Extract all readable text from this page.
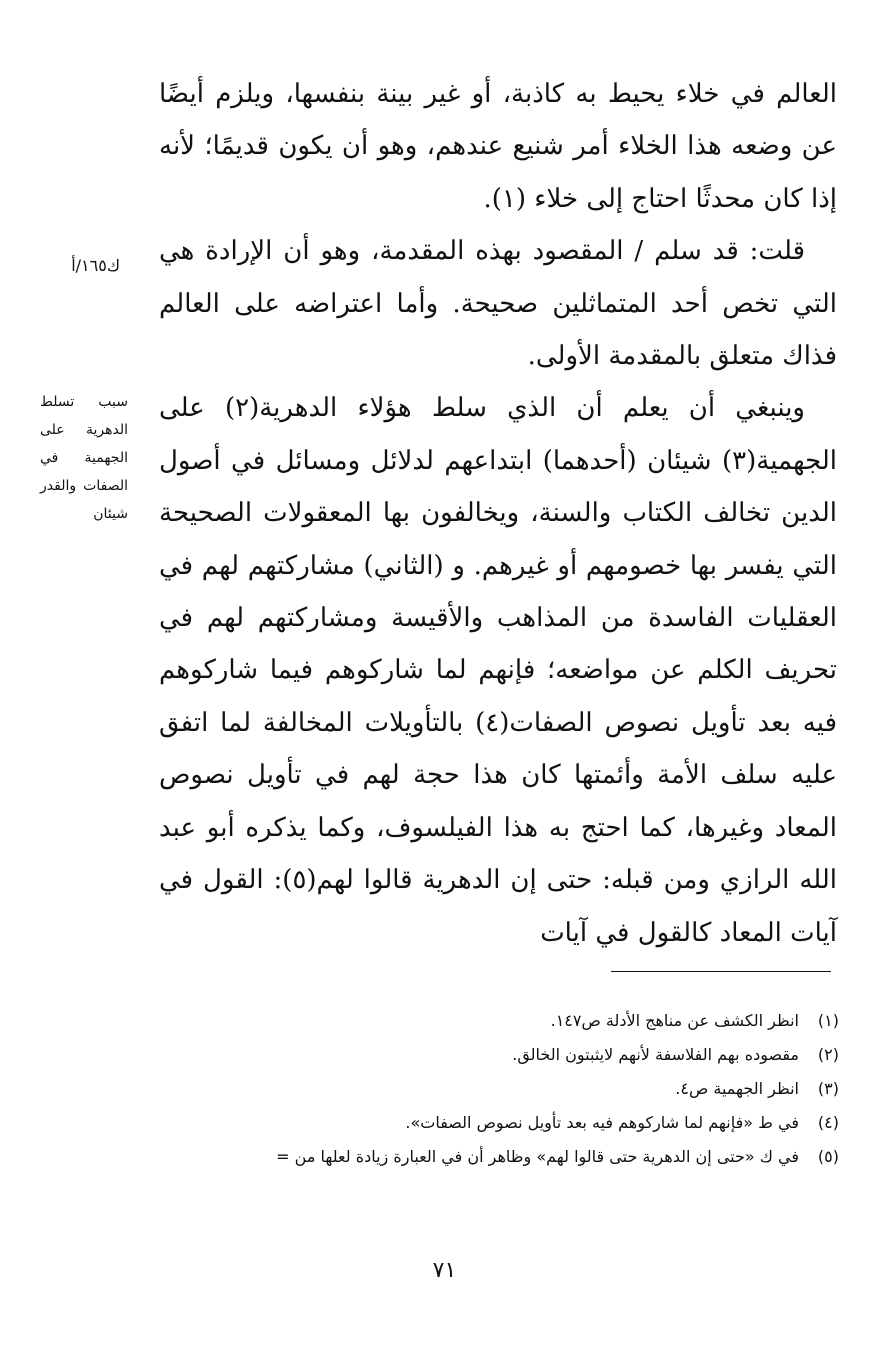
العالم في خلاء يحيط به كاذبة، أو غير بينة بنفسها، ويلزم أيضًا عن وضعه هذا الخلاء أمر شنيع عندهم، وهو أن يكون قديمًا؛ لأنه إذا كان محدثًا احتاج إلى خلاء (١).

قلت: قد سلم / المقصود بهذه المقدمة، وهو أن الإرادة هي التي تخص أحد المتماثلين صحيحة. وأما اعتراضه على العالم فذاك متعلق بالمقدمة الأولى.

وينبغي أن يعلم أن الذي سلط هؤلاء الدهرية(٢) على الجهمية(٣) شيئان (أحدهما) ابتداعهم لدلائل ومسائل في أصول الدين تخالف الكتاب والسنة، ويخالفون بها المعقولات الصحيحة التي يفسر بها خصومهم أو غيرهم. و (الثاني) مشاركتهم لهم في العقليات الفاسدة من المذاهب والأقيسة ومشاركتهم لهم في تحريف الكلم عن مواضعه؛ فإنهم لما شاركوهم فيما شاركوهم فيه بعد تأويل نصوص الصفات(٤) بالتأويلات المخالفة لما اتفق عليه سلف الأمة وأئمتها كان هذا حجة لهم في تأويل نصوص المعاد وغيرها، كما احتج به هذا الفيلسوف، وكما يذكره أبو عبد الله الرازي ومن قبله: حتى إن الدهرية قالوا لهم(٥): القول في آيات المعاد كالقول في آيات

ك١٦٥/أ
سبب تسلط الدهرية على الجهمية في الصفات والقدر شيئان
(١)
انظر الكشف عن مناهج الأدلة ص١٤٧.
(٢)
مقصوده بهم الفلاسفة لأنهم لايثبتون الخالق.
(٣)
انظر الجهمية ص٤.
(٤)
في ط «فإنهم لما شاركوهم فيه بعد تأويل نصوص الصفات».
(٥)
في ك «حتى إن الدهرية حتى قالوا لهم» وظاهر أن في العبارة زيادة لعلها من =
٧١
